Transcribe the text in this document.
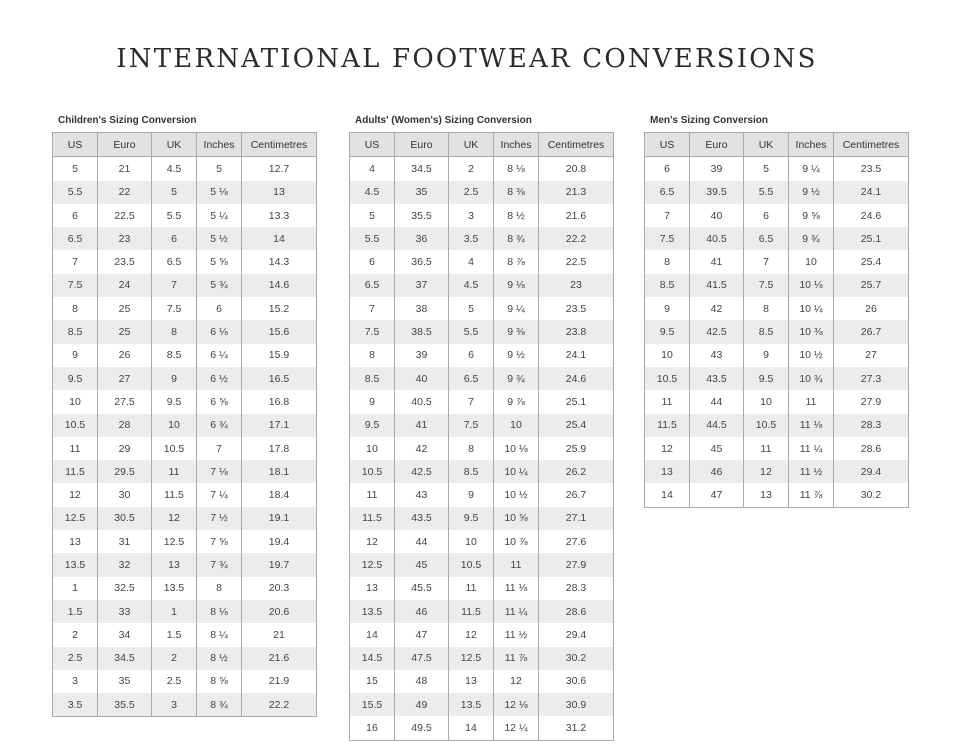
INTERNATIONAL FOOTWEAR CONVERSIONS
Children's Sizing Conversion
US	Euro	UK	Inches	Centimetres
5	21	4.5	5	12.7
5.5	22	5	5 ⅛	13
6	22.5	5.5	5 ¼	13.3
6.5	23	6	5 ½	14
7	23.5	6.5	5 ⅝	14.3
7.5	24	7	5 ¾	14.6
8	25	7.5	6	15.2
8.5	25	8	6 ⅛	15.6
9	26	8.5	6 ¼	15.9
9.5	27	9	6 ½	16.5
10	27.5	9.5	6 ⅝	16.8
10.5	28	10	6 ¾	17.1
11	29	10.5	7	17.8
11.5	29.5	11	7 ⅛	18.1
12	30	11.5	7 ¼	18.4
12.5	30.5	12	7 ½	19.1
13	31	12.5	7 ⅝	19.4
13.5	32	13	7 ¾	19.7
1	32.5	13.5	8	20.3
1.5	33	1	8 ⅛	20.6
2	34	1.5	8 ¼	21
2.5	34.5	2	8 ½	21.6
3	35	2.5	8 ⅝	21.9
3.5	35.5	3	8 ¾	22.2
Adults' (Women's) Sizing Conversion
US	Euro	UK	Inches	Centimetres
4	34.5	2	8 ⅛	20.8
4.5	35	2.5	8 ⅜	21.3
5	35.5	3	8 ½	21.6
5.5	36	3.5	8 ¾	22.2
6	36.5	4	8 ⅞	22.5
6.5	37	4.5	9 ⅛	23
7	38	5	9 ¼	23.5
7.5	38.5	5.5	9 ⅜	23.8
8	39	6	9 ½	24.1
8.5	40	6.5	9 ¾	24.6
9	40.5	7	9 ⅞	25.1
9.5	41	7.5	10	25.4
10	42	8	10 ⅛	25.9
10.5	42.5	8.5	10 ¼	26.2
11	43	9	10 ½	26.7
11.5	43.5	9.5	10 ⅝	27.1
12	44	10	10 ⅞	27.6
12.5	45	10.5	11	27.9
13	45.5	11	11 ⅛	28.3
13.5	46	11.5	11 ¼	28.6
14	47	12	11 ½	29.4
14.5	47.5	12.5	11 ⅞	30.2
15	48	13	12	30.6
15.5	49	13.5	12 ⅛	30.9
16	49.5	14	12 ¼	31.2
Men's Sizing Conversion
US	Euro	UK	Inches	Centimetres
6	39	5	9 ¼	23.5
6.5	39.5	5.5	9 ½	24.1
7	40	6	9 ⅝	24.6
7.5	40.5	6.5	9 ¾	25.1
8	41	7	10	25.4
8.5	41.5	7.5	10 ⅛	25.7
9	42	8	10 ¼	26
9.5	42.5	8.5	10 ⅜	26.7
10	43	9	10 ½	27
10.5	43.5	9.5	10 ¾	27.3
11	44	10	11	27.9
11.5	44.5	10.5	11 ⅛	28.3
12	45	11	11 ¼	28.6
13	46	12	11 ½	29.4
14	47	13	11 ⅞	30.2
